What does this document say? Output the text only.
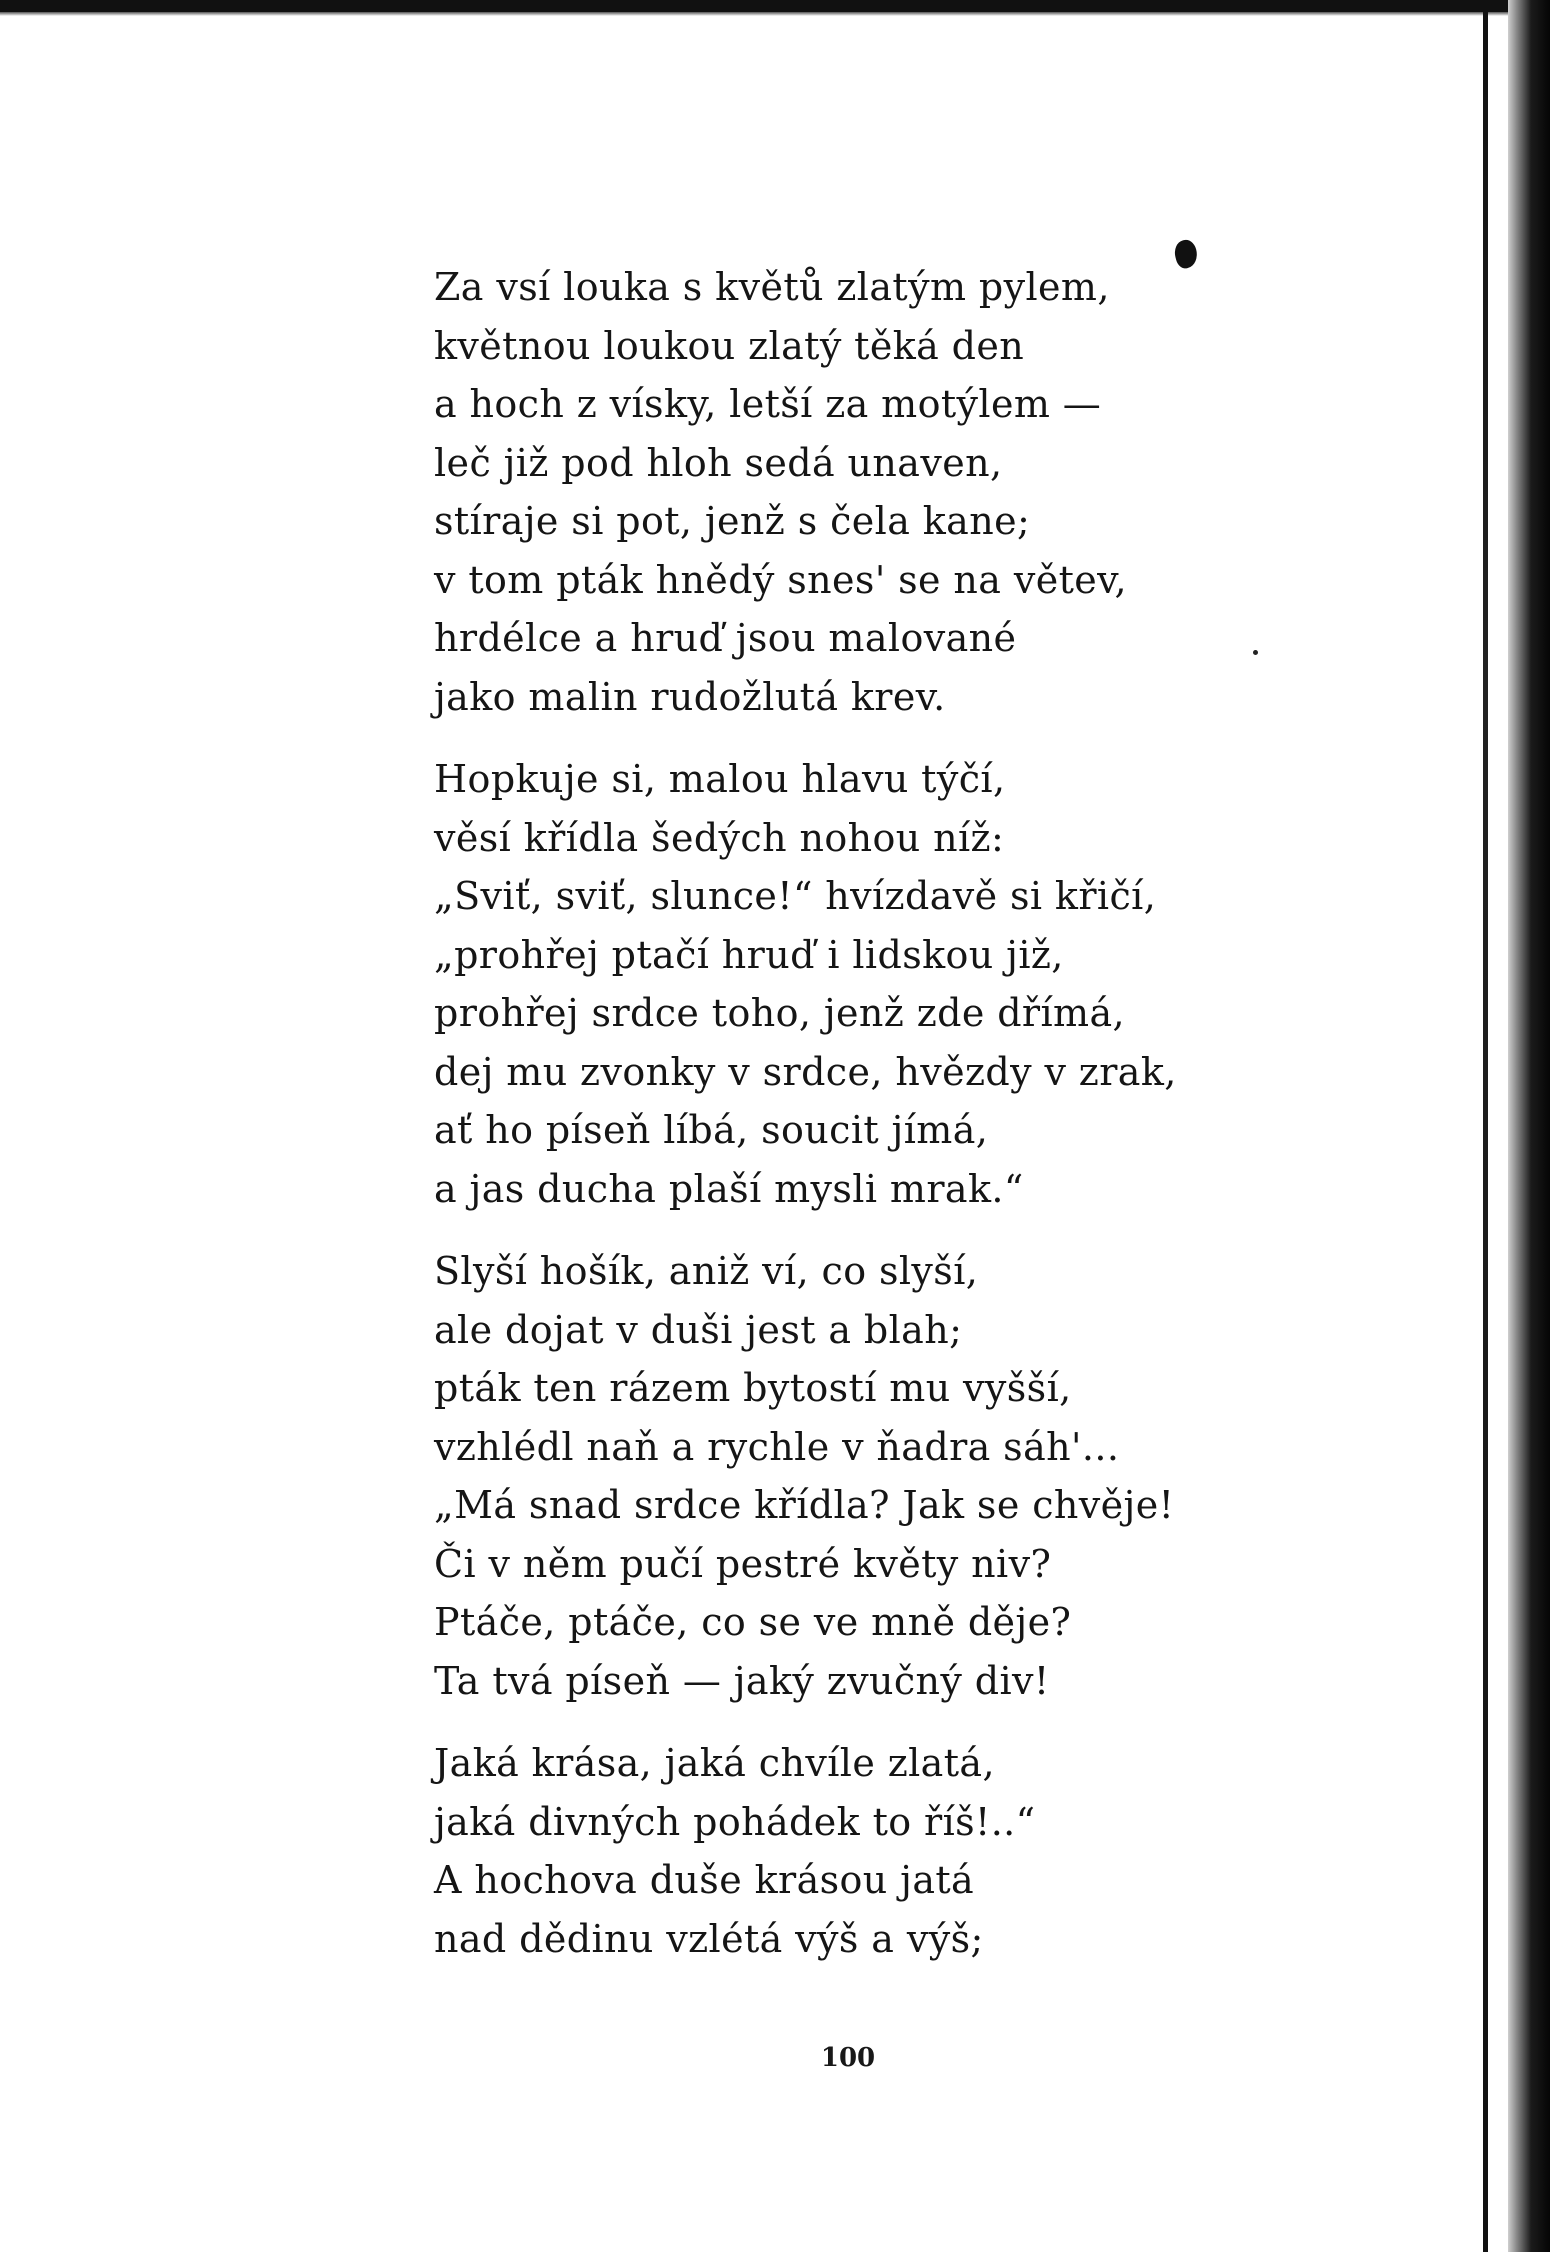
Za vsí louka s květů zlatým pylem,
květnou loukou zlatý těká den
a hoch z vísky, letší za motýlem —
leč již pod hloh sedá unaven,
stíraje si pot, jenž s čela kane;
v tom pták hnědý snes' se na větev,
hrdélce a hruď jsou malované
jako malin rudožlutá krev.
Hopkuje si, malou hlavu týčí,
věsí křídla šedých nohou níž:
„Sviť, sviť, slunce!“ hvízdavě si křičí,
„prohřej ptačí hruď i lidskou již,
prohřej srdce toho, jenž zde dřímá,
dej mu zvonky v srdce, hvězdy v zrak,
ať ho píseň líbá, soucit jímá,
a jas ducha plaší mysli mrak.“
Slyší hošík, aniž ví, co slyší,
ale dojat v duši jest a blah;
pták ten rázem bytostí mu vyšší,
vzhlédl naň a rychle v ňadra sáh'...
„Má snad srdce křídla? Jak se chvěje!
Či v něm pučí pestré květy niv?
Ptáče, ptáče, co se ve mně děje?
Ta tvá píseň — jaký zvučný div!
Jaká krása, jaká chvíle zlatá,
jaká divných pohádek to říš!..“
A hochova duše krásou jatá
nad dědinu vzlétá výš a výš;
100
